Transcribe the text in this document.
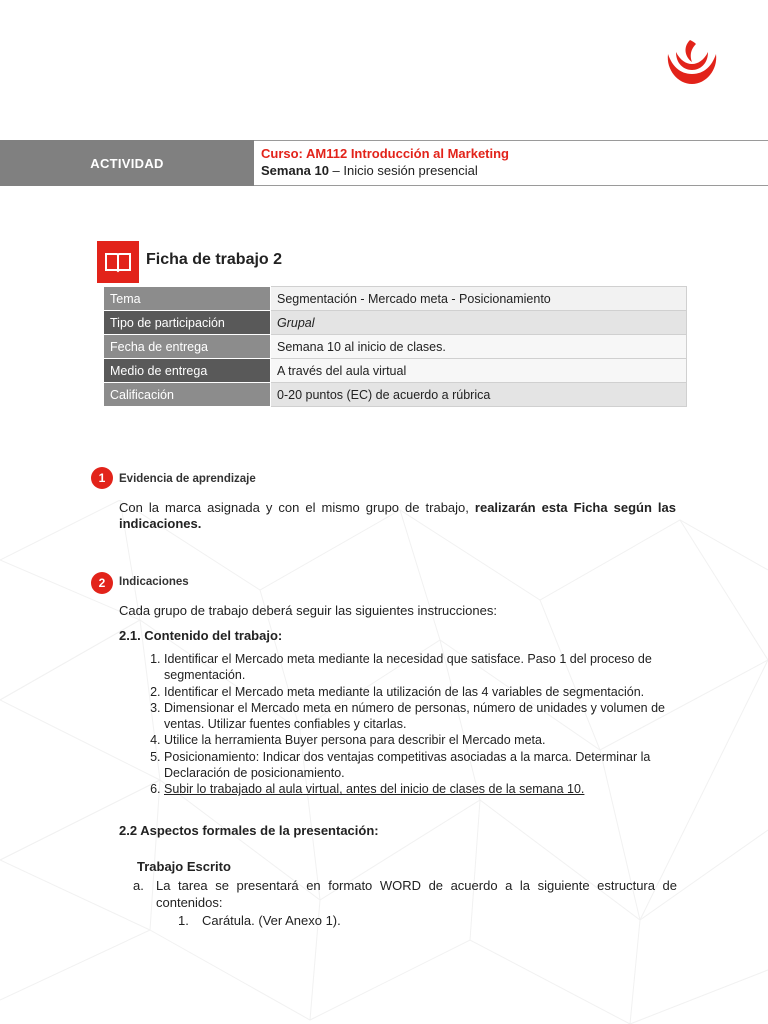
ACTIVIDAD
Curso: AM112 Introducción al Marketing
Semana 10 – Inicio sesión presencial
Ficha de trabajo 2
Tema	Segmentación - Mercado meta - Posicionamiento
Tipo de participación	Grupal
Fecha de entrega	Semana 10 al inicio de clases.
Medio de entrega	A través del aula virtual
Calificación	0-20 puntos (EC) de acuerdo a rúbrica
1	Evidencia de aprendizaje
Con la marca asignada y con el mismo grupo de trabajo, realizarán esta Ficha según las
indicaciones.
2	Indicaciones
Cada grupo de trabajo deberá seguir las siguientes instrucciones:
2.1. Contenido del trabajo:
1. Identificar el Mercado meta mediante la necesidad que satisface. Paso 1 del proceso de segmentación.
2. Identificar el Mercado meta mediante la utilización de las 4 variables de segmentación.
3. Dimensionar el Mercado meta en número de personas, número de unidades y volumen de ventas. Utilizar fuentes confiables y citarlas.
4. Utilice la herramienta Buyer persona para describir el Mercado meta.
5. Posicionamiento: Indicar dos ventajas competitivas asociadas a la marca. Determinar la Declaración de posicionamiento.
6. Subir lo trabajado al aula virtual, antes del inicio de clases de la semana 10.
2.2 Aspectos formales de la presentación:
Trabajo Escrito
a. La tarea se presentará en formato WORD de acuerdo a la siguiente estructura de contenidos:
1. Carátula. (Ver Anexo 1).
